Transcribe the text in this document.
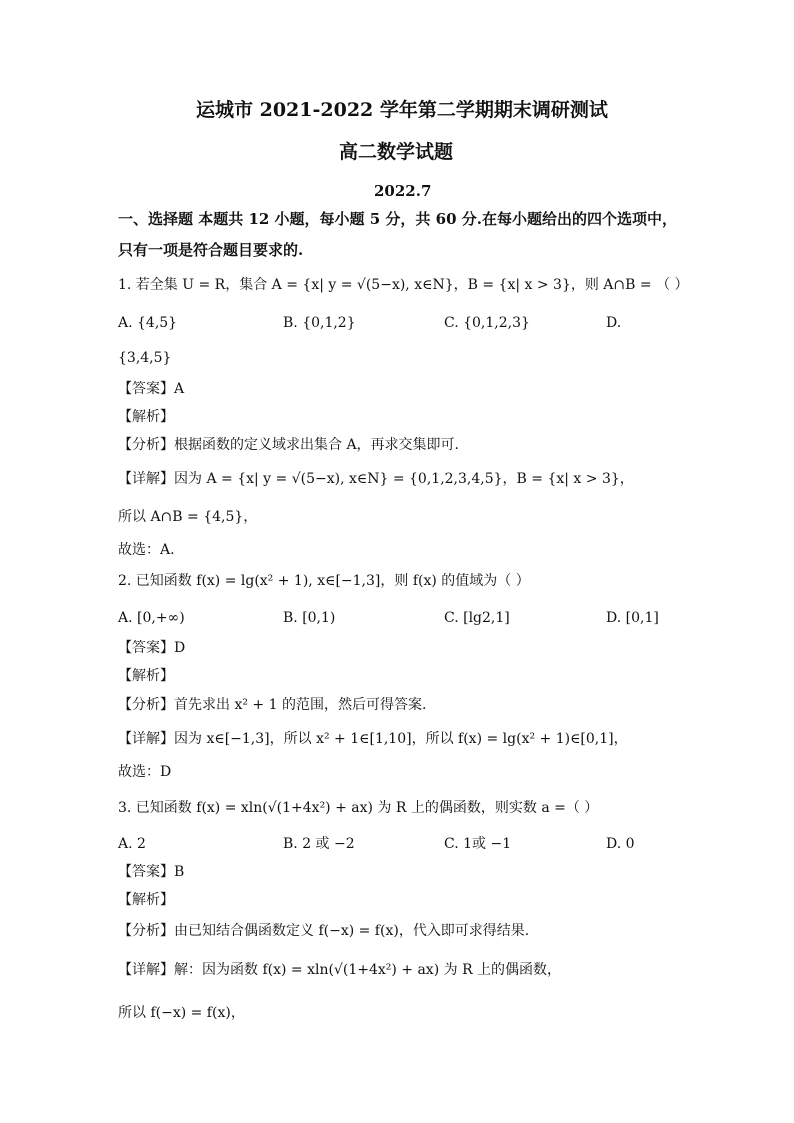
运城市 2021-2022 学年第二学期期末调研测试
高二数学试题
2022.7
一、选择题 本题共 12 小题，每小题 5 分，共 60 分.在每小题给出的四个选项中，
只有一项是符合题目要求的.
1. 若全集 U = R，集合 A = {x| y = √(5−x), x∈N}，B = {x| x > 3}，则 A∩B = （ ）
A. {4,5}	B. {0,1,2}	C. {0,1,2,3}	D.
{3,4,5}
【答案】A
【解析】
【分析】根据函数的定义域求出集合 A，再求交集即可.
【详解】因为 A = {x| y = √(5−x), x∈N} = {0,1,2,3,4,5}，B = {x| x > 3}，
所以 A∩B = {4,5}，
故选：A.
2. 已知函数 f(x) = lg(x² + 1), x∈[−1,3]，则 f(x) 的值域为（ ）
A. [0,+∞)	B. [0,1)	C. [lg2,1]	D. [0,1]
【答案】D
【解析】
【分析】首先求出 x² + 1 的范围，然后可得答案.
【详解】因为 x∈[−1,3]，所以 x² + 1∈[1,10]，所以 f(x) = lg(x² + 1)∈[0,1]，
故选：D
3. 已知函数 f(x) = xln(√(1+4x²) + ax) 为 R 上的偶函数，则实数 a =（ ）
A. 2	B. 2 或 −2	C. 1或 −1	D. 0
【答案】B
【解析】
【分析】由已知结合偶函数定义 f(−x) = f(x)，代入即可求得结果.
【详解】解：因为函数 f(x) = xln(√(1+4x²) + ax) 为 R 上的偶函数，
所以 f(−x) = f(x)，
